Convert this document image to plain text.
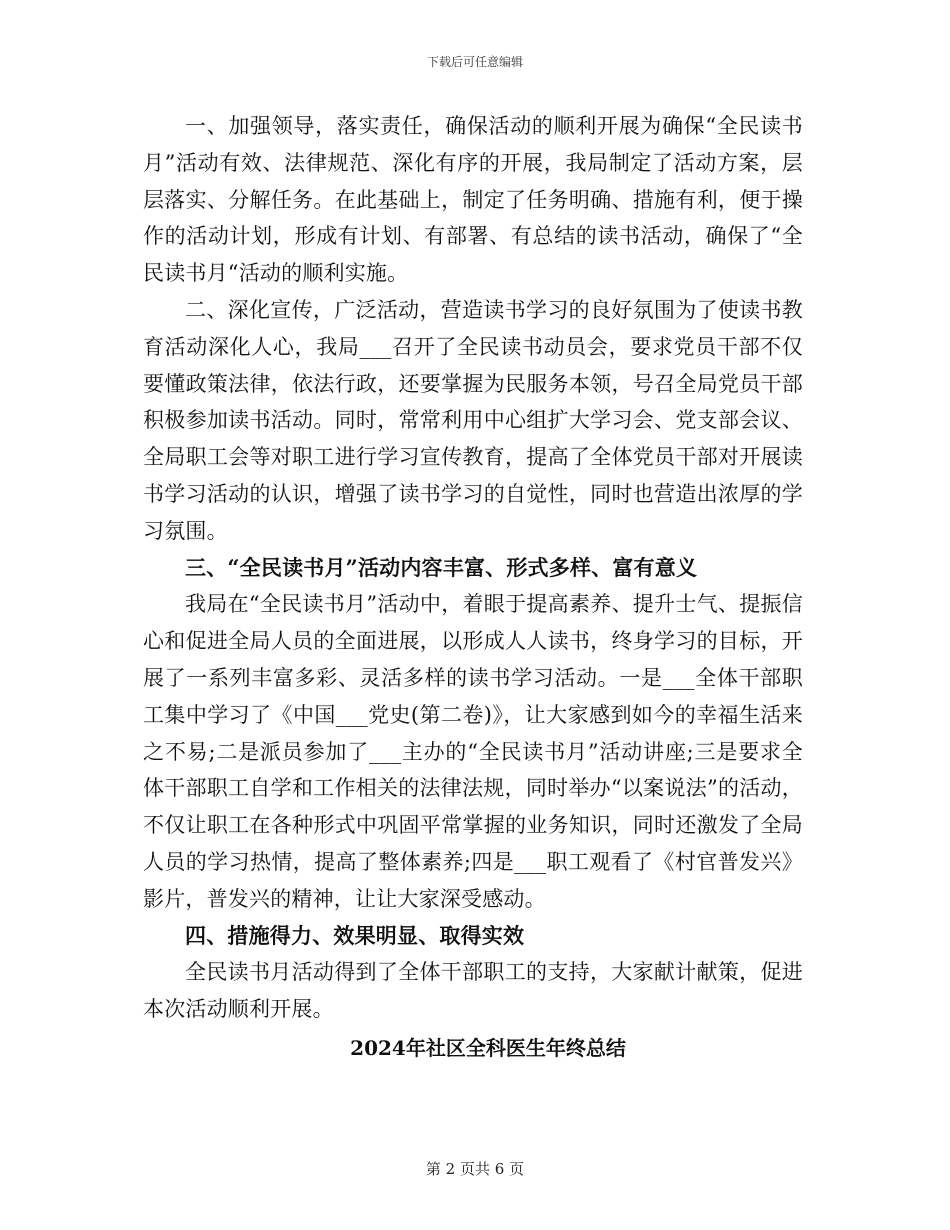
下载后可任意编辑

一、加强领导，落实责任，确保活动的顺利开展为确保“全民读书月”活动有效、法律规范、深化有序的开展，我局制定了活动方案，层层落实、分解任务。在此基础上，制定了任务明确、措施有利，便于操作的活动计划，形成有计划、有部署、有总结的读书活动，确保了“全民读书月“活动的顺利实施。

二、深化宣传，广泛活动，营造读书学习的良好氛围为了使读书教育活动深化人心，我局___召开了全民读书动员会，要求党员干部不仅要懂政策法律，依法行政，还要掌握为民服务本领，号召全局党员干部积极参加读书活动。同时，常常利用中心组扩大学习会、党支部会议、全局职工会等对职工进行学习宣传教育，提高了全体党员干部对开展读书学习活动的认识，增强了读书学习的自觉性，同时也营造出浓厚的学习氛围。

三、“全民读书月”活动内容丰富、形式多样、富有意义

我局在“全民读书月”活动中，着眼于提高素养、提升士气、提振信心和促进全局人员的全面进展，以形成人人读书，终身学习的目标，开展了一系列丰富多彩、灵活多样的读书学习活动。一是___全体干部职工集中学习了《中国___党史(第二卷)》，让大家感到如今的幸福生活来之不易;二是派员参加了___主办的“全民读书月”活动讲座;三是要求全体干部职工自学和工作相关的法律法规，同时举办“以案说法”的活动，不仅让职工在各种形式中巩固平常掌握的业务知识，同时还激发了全局人员的学习热情，提高了整体素养;四是___职工观看了《村官普发兴》影片，普发兴的精神，让让大家深受感动。

四、措施得力、效果明显、取得实效

全民读书月活动得到了全体干部职工的支持，大家献计献策，促进本次活动顺利开展。

2024年社区全科医生年终总结
第 2 页共 6 页
